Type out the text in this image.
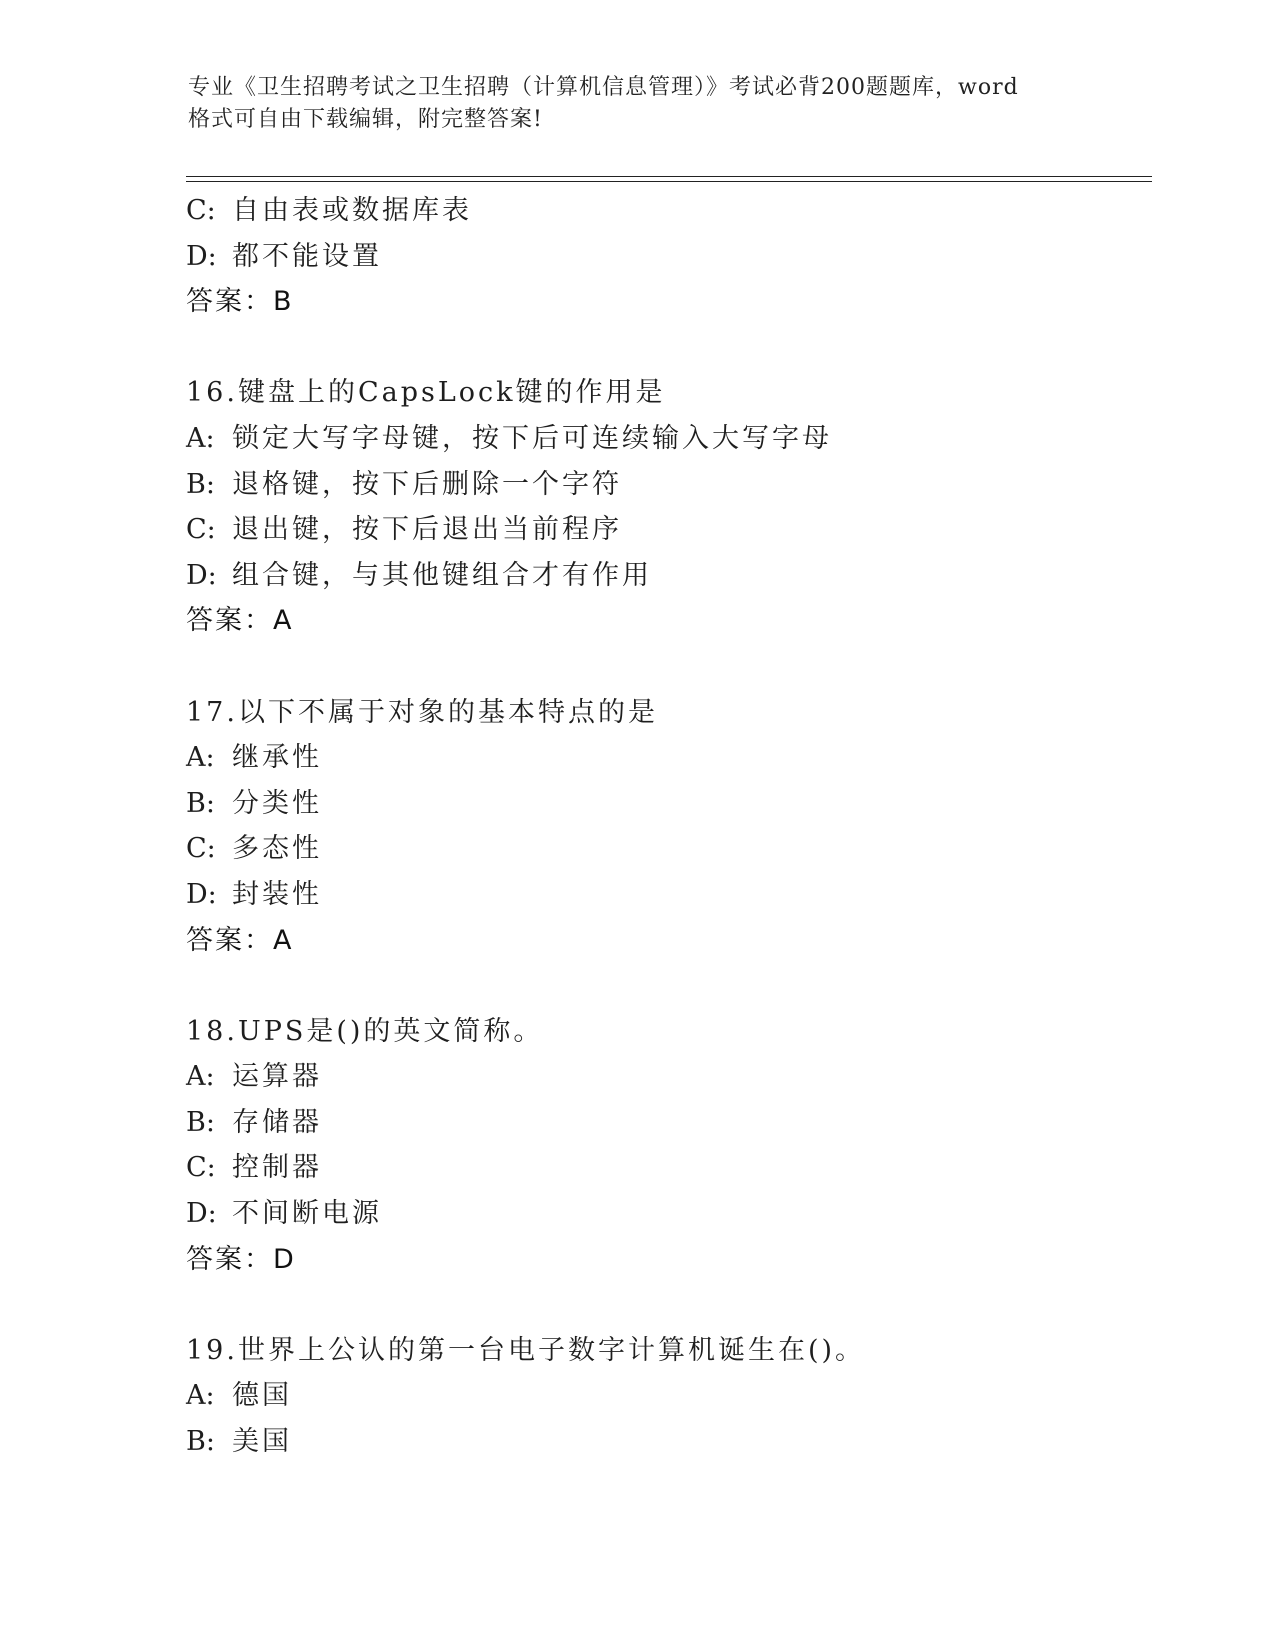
专业《卫生招聘考试之卫生招聘（计算机信息管理）》考试必背200题题库，word
格式可自由下载编辑，附完整答案!
C: 自由表或数据库表
D: 都不能设置
答案：B
16.键盘上的CapsLock键的作用是
A: 锁定大写字母键，按下后可连续输入大写字母
B: 退格键，按下后删除一个字符
C: 退出键，按下后退出当前程序
D: 组合键，与其他键组合才有作用
答案：A
17.以下不属于对象的基本特点的是
A: 继承性
B: 分类性
C: 多态性
D: 封装性
答案：A
18.UPS是()的英文简称。
A: 运算器
B: 存储器
C: 控制器
D: 不间断电源
答案：D
19.世界上公认的第一台电子数字计算机诞生在()。
A: 德国
B: 美国
